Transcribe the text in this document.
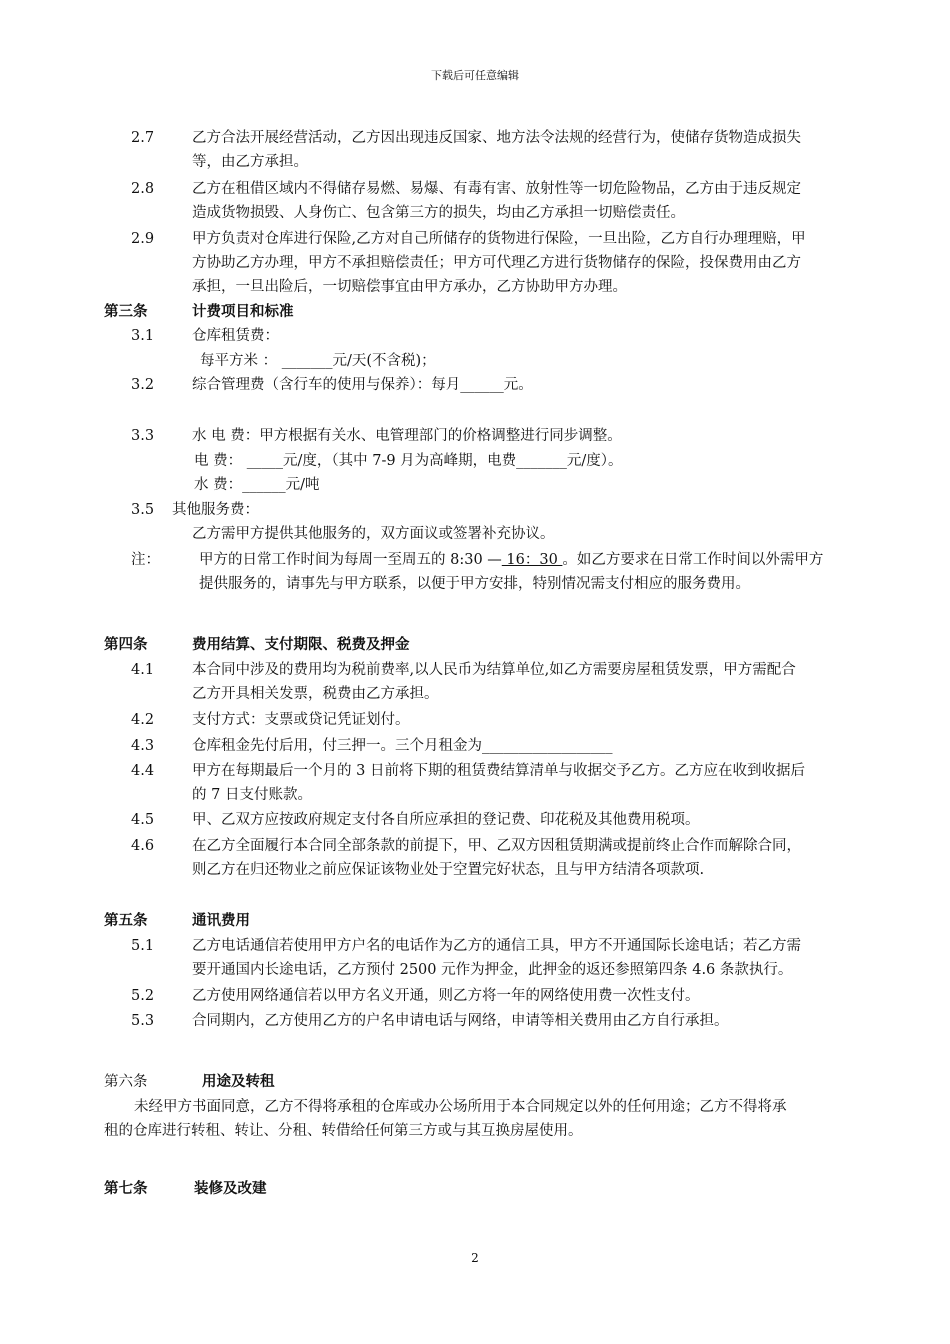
下载后可任意编辑
2.7	乙方合法开展经营活动，乙方因出现违反国家、地方法令法规的经营行为，使储存货物造成损失
等，由乙方承担。
2.8	乙方在租借区域内不得储存易燃、易爆、有毒有害、放射性等一切危险物品，乙方由于违反规定
造成货物损毁、人身伤亡、包含第三方的损失，均由乙方承担一切赔偿责任。
2.9	甲方负责对仓库进行保险,乙方对自己所储存的货物进行保险，一旦出险，乙方自行办理理赔，甲
方协助乙方办理，甲方不承担赔偿责任；甲方可代理乙方进行货物储存的保险，投保费用由乙方
承担，一旦出险后，一切赔偿事宜由甲方承办，乙方协助甲方办理。
第三条	计费项目和标准
3.1	仓库租赁费：
每平方米 ： _______元/天(不含税)；
3.2	综合管理费（含行车的使用与保养）：每月______元。
3.3	水 电 费：甲方根据有关水、电管理部门的价格调整进行同步调整。
电 费： _____元/度，（其中 7-9 月为高峰期，电费_______元/度）。
水 费：______元/吨
3.5 其他服务费：
乙方需甲方提供其他服务的，双方面议或签署补充协议。
注：	甲方的日常工作时间为每周一至周五的 8:30 — 16：30 。如乙方要求在日常工作时间以外需甲方
提供服务的，请事先与甲方联系，以便于甲方安排，特别情况需支付相应的服务费用。
第四条	费用结算、支付期限、税费及押金
4.1	本合同中涉及的费用均为税前费率,以人民币为结算单位,如乙方需要房屋租赁发票，甲方需配合
乙方开具相关发票，税费由乙方承担。
4.2	支付方式：支票或贷记凭证划付。
4.3	仓库租金先付后用，付三押一。三个月租金为__________________
4.4	甲方在每期最后一个月的 3 日前将下期的租赁费结算清单与收据交予乙方。乙方应在收到收据后
的 7 日支付账款。
4.5	甲、乙双方应按政府规定支付各自所应承担的登记费、印花税及其他费用税项。
4.6	在乙方全面履行本合同全部条款的前提下，甲、乙双方因租赁期满或提前终止合作而解除合同，
则乙方在归还物业之前应保证该物业处于空置完好状态，且与甲方结清各项款项.
第五条	通讯费用
5.1	乙方电话通信若使用甲方户名的电话作为乙方的通信工具，甲方不开通国际长途电话；若乙方需
要开通国内长途电话，乙方预付 2500 元作为押金，此押金的返还参照第四条 4.6 条款执行。
5.2	乙方使用网络通信若以甲方名义开通，则乙方将一年的网络使用费一次性支付。
5.3	合同期内，乙方使用乙方的户名申请电话与网络，申请等相关费用由乙方自行承担。
第六条	用途及转租
未经甲方书面同意，乙方不得将承租的仓库或办公场所用于本合同规定以外的任何用途；乙方不得将承
租的仓库进行转租、转让、分租、转借给任何第三方或与其互换房屋使用。
第七条	装修及改建
2
